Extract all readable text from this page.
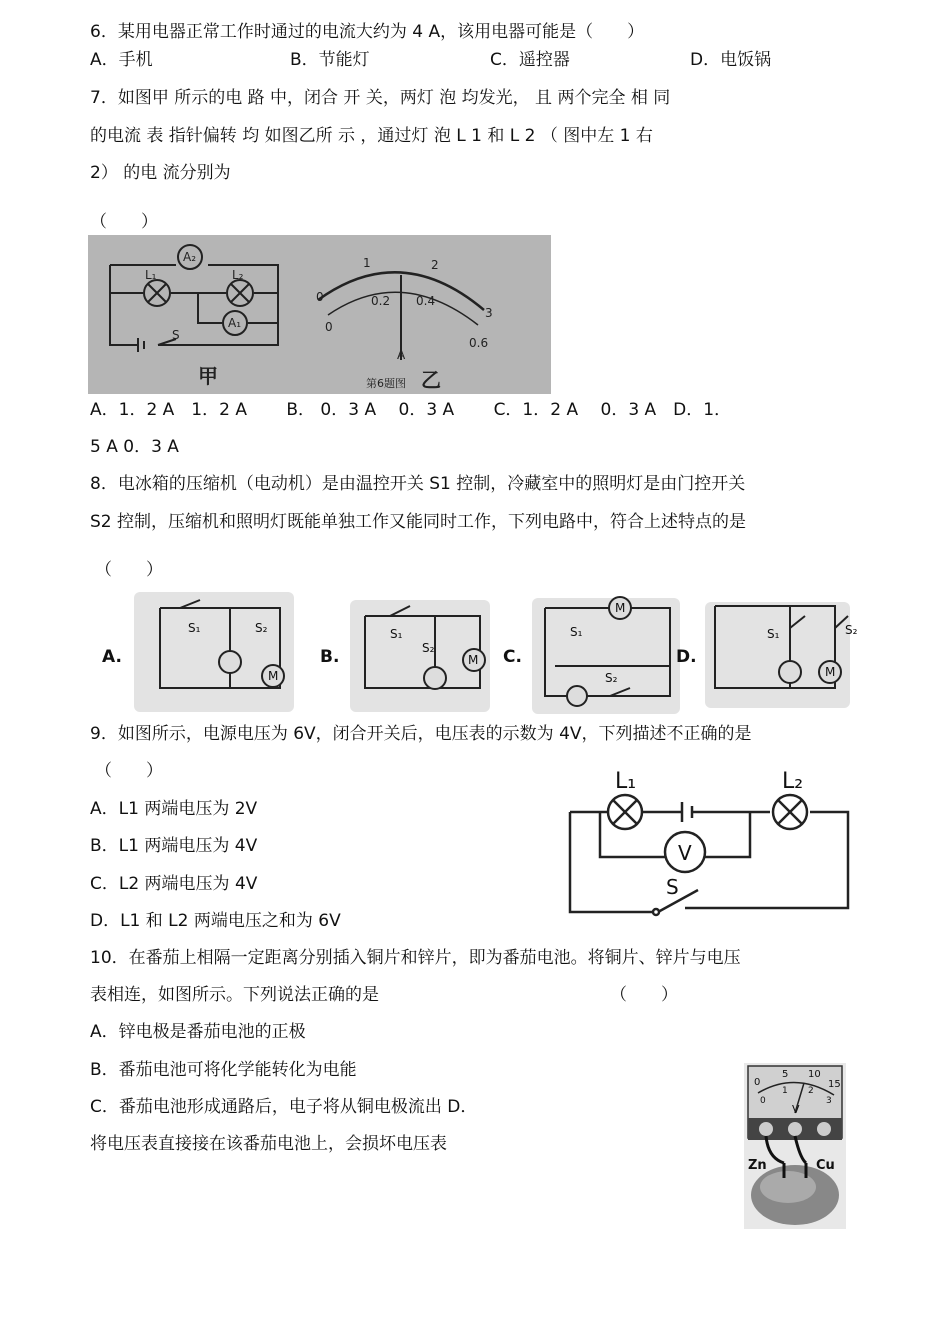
6．某用电器正常工作时通过的电流大约为 4 A，该用电器可能是（　　）
A．手机	B．节能灯	C．遥控器	D．电饭锅
7．如图甲 所示的电 路 中，闭合 开 关，两灯 泡 均发光， 且 两个完全 相 同
的电流 表 指针偏转 均 如图乙所 示 ，通过灯 泡 L 1 和 L 2 （ 图中左 1 右
2） 的电 流分别为
（　　）
L₁	L₂
A₂
A₁
S
0
1	2
3
0
0.2 0.4
0.6
A
第6题图
甲	乙
A．1．2 A　1．2 A　　 B． 0．3 A　 0．3 A　　 C．1．2 A　 0．3 A　D．1．
5 A 0．3 A
8．电冰箱的压缩机（电动机）是由温控开关 S1 控制，冷藏室中的照明灯是由门控开关
S2 控制，压缩机和照明灯既能单独工作又能同时工作，下列电路中，符合上述特点的是
（　　）
A.
S₁	S₂
M
B.
S₁
S₂
M C.
S₁
S₂
M
D.
S₁	S₂
M
9．如图所示，电源电压为 6V，闭合开关后，电压表的示数为 4V，下列描述不正确的是
（　　）
A．L1 两端电压为 2V
B．L1 两端电压为 4V
C．L2 两端电压为 4V
D．L1 和 L2 两端电压之和为 6V
L₁	L₂
V
S
10．在番茄上相隔一定距离分别插入铜片和锌片，即为番茄电池。将铜片、锌片与电压
表相连，如图所示。下列说法正确的是	（　　）
A．锌电极是番茄电池的正极
B．番茄电池可将化学能转化为电能
C．番茄电池形成通路后，电子将从铜电极流出 D．
将电压表直接接在该番茄电池上，会损坏电压表
0
5 10
15
0
1 2
3
V
Zn	Cu
